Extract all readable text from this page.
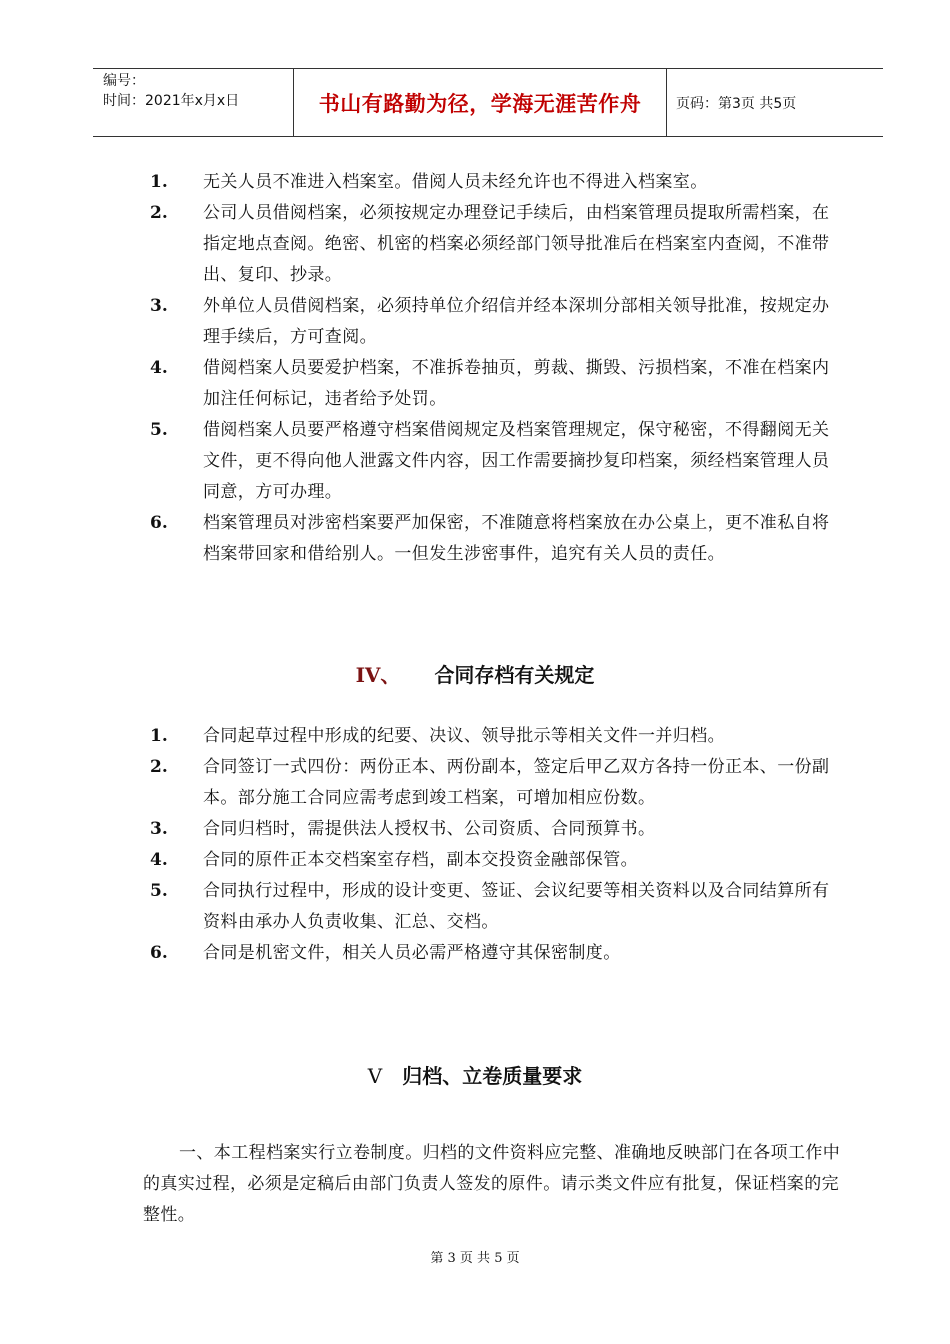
编号：
时间：2021年x月x日	书山有路勤为径，学海无涯苦作舟 页码：第3页 共5页
1.	无关人员不准进入档案室。借阅人员未经允许也不得进入档案室。
2.	公司人员借阅档案，必须按规定办理登记手续后，由档案管理员提取所需档案，在指定地点查阅。绝密、机密的档案必须经部门领导批准后在档案室内查阅，不准带出、复印、抄录。
3.	外单位人员借阅档案，必须持单位介绍信并经本深圳分部相关领导批准，按规定办理手续后，方可查阅。
4.	借阅档案人员要爱护档案，不准拆卷抽页，剪裁、撕毁、污损档案，不准在档案内加注任何标记，违者给予处罚。
5.	借阅档案人员要严格遵守档案借阅规定及档案管理规定，保守秘密，不得翻阅无关文件，更不得向他人泄露文件内容，因工作需要摘抄复印档案，须经档案管理人员同意，方可办理。
6.	档案管理员对涉密档案要严加保密，不准随意将档案放在办公桌上，更不准私自将档案带回家和借给别人。一但发生涉密事件，追究有关人员的责任。
IV、 合同存档有关规定
1.	合同起草过程中形成的纪要、决议、领导批示等相关文件一并归档。
2.	合同签订一式四份：两份正本、两份副本，签定后甲乙双方各持一份正本、一份副本。部分施工合同应需考虑到竣工档案，可增加相应份数。
3.	合同归档时，需提供法人授权书、公司资质、合同预算书。
4.	合同的原件正本交档案室存档，副本交投资金融部保管。
5.	合同执行过程中，形成的设计变更、签证、会议纪要等相关资料以及合同结算所有资料由承办人负责收集、汇总、交档。
6.	合同是机密文件，相关人员必需严格遵守其保密制度。
V 归档、立卷质量要求

一、本工程档案实行立卷制度。归档的文件资料应完整、准确地反映部门在各项工作中的真实过程，必须是定稿后由部门负责人签发的原件。请示类文件应有批复，保证档案的完整性。

第 3 页 共 5 页
